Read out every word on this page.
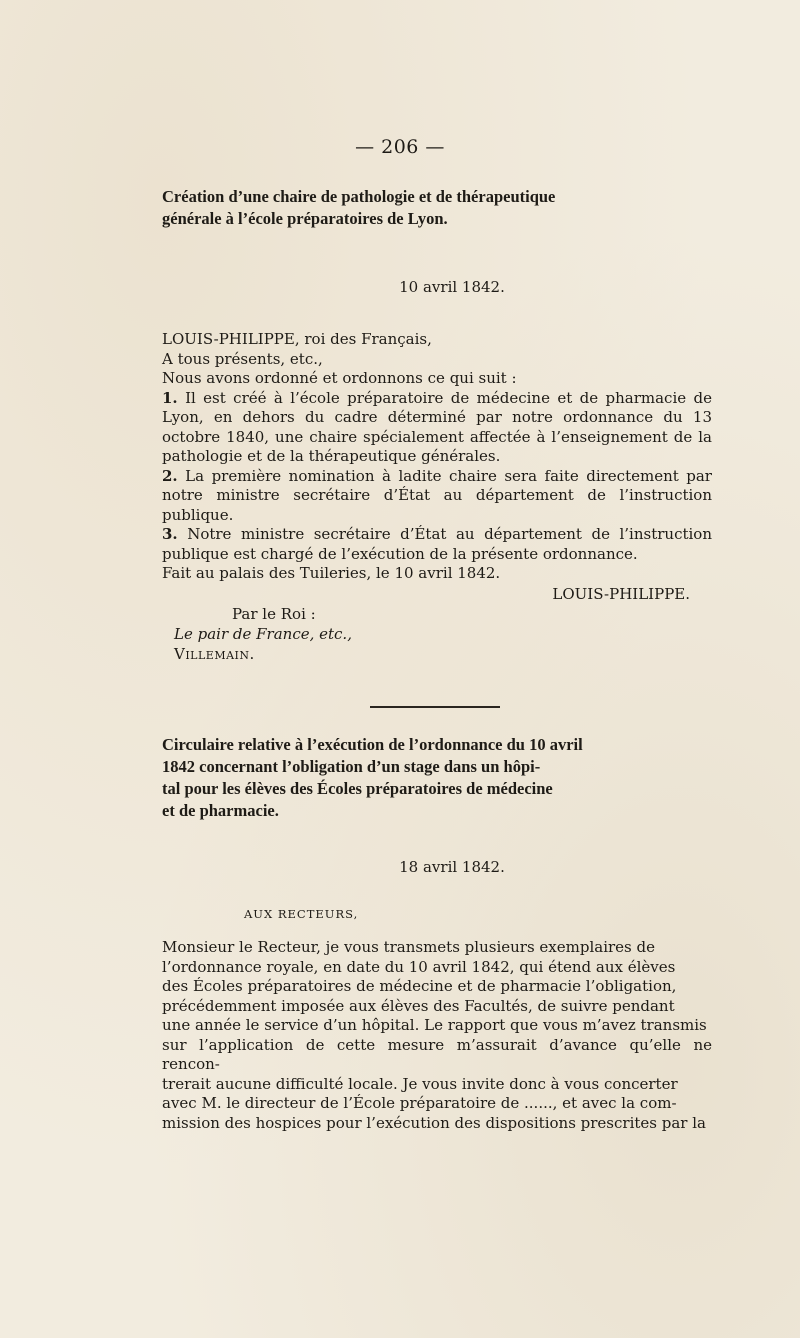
— 206 —

Création d’une chaire de pathologie et de thérapeutique

générale à l’école préparatoires de Lyon.

10 avril 1842.

LOUIS-PHILIPPE, roi des Français,

A tous présents, etc.,

Nous avons ordonné et ordonnons ce qui suit :

1. Il est créé à l’école préparatoire de médecine et de pharmacie de Lyon, en dehors du cadre déterminé par notre ordonnance du 13 octobre 1840, une chaire spécialement affectée à l’enseignement de la pathologie et de la thérapeutique générales.

2. La première nomination à ladite chaire sera faite directement par notre ministre secrétaire d’État au département de l’instruction publique.

3. Notre ministre secrétaire d’État au département de l’instruction publique est chargé de l’exécution de la présente ordonnance.

Fait au palais des Tuileries, le 10 avril 1842.

LOUIS-PHILIPPE.

Par le Roi :

Le pair de France, etc.,

Villemain.

Circulaire relative à l’exécution de l’ordonnance du 10 avril

1842 concernant l’obligation d’un stage dans un hôpi-

tal pour les élèves des Écoles préparatoires de médecine

et de pharmacie.

18 avril 1842.

AUX RECTEURS,

Monsieur le Recteur, je vous transmets plusieurs exemplaires de

l’ordonnance royale, en date du 10 avril 1842, qui étend aux élèves

des Écoles préparatoires de médecine et de pharmacie l’obligation,

précédemment imposée aux élèves des Facultés, de suivre pendant

une année le service d’un hôpital. Le rapport que vous m’avez transmis

sur l’application de cette mesure m’assurait d’avance qu’elle ne rencon-

trerait aucune difficulté locale. Je vous invite donc à vous concerter

avec M. le directeur de l’École préparatoire de ......, et avec la com-

mission des hospices pour l’exécution des dispositions prescrites par la
